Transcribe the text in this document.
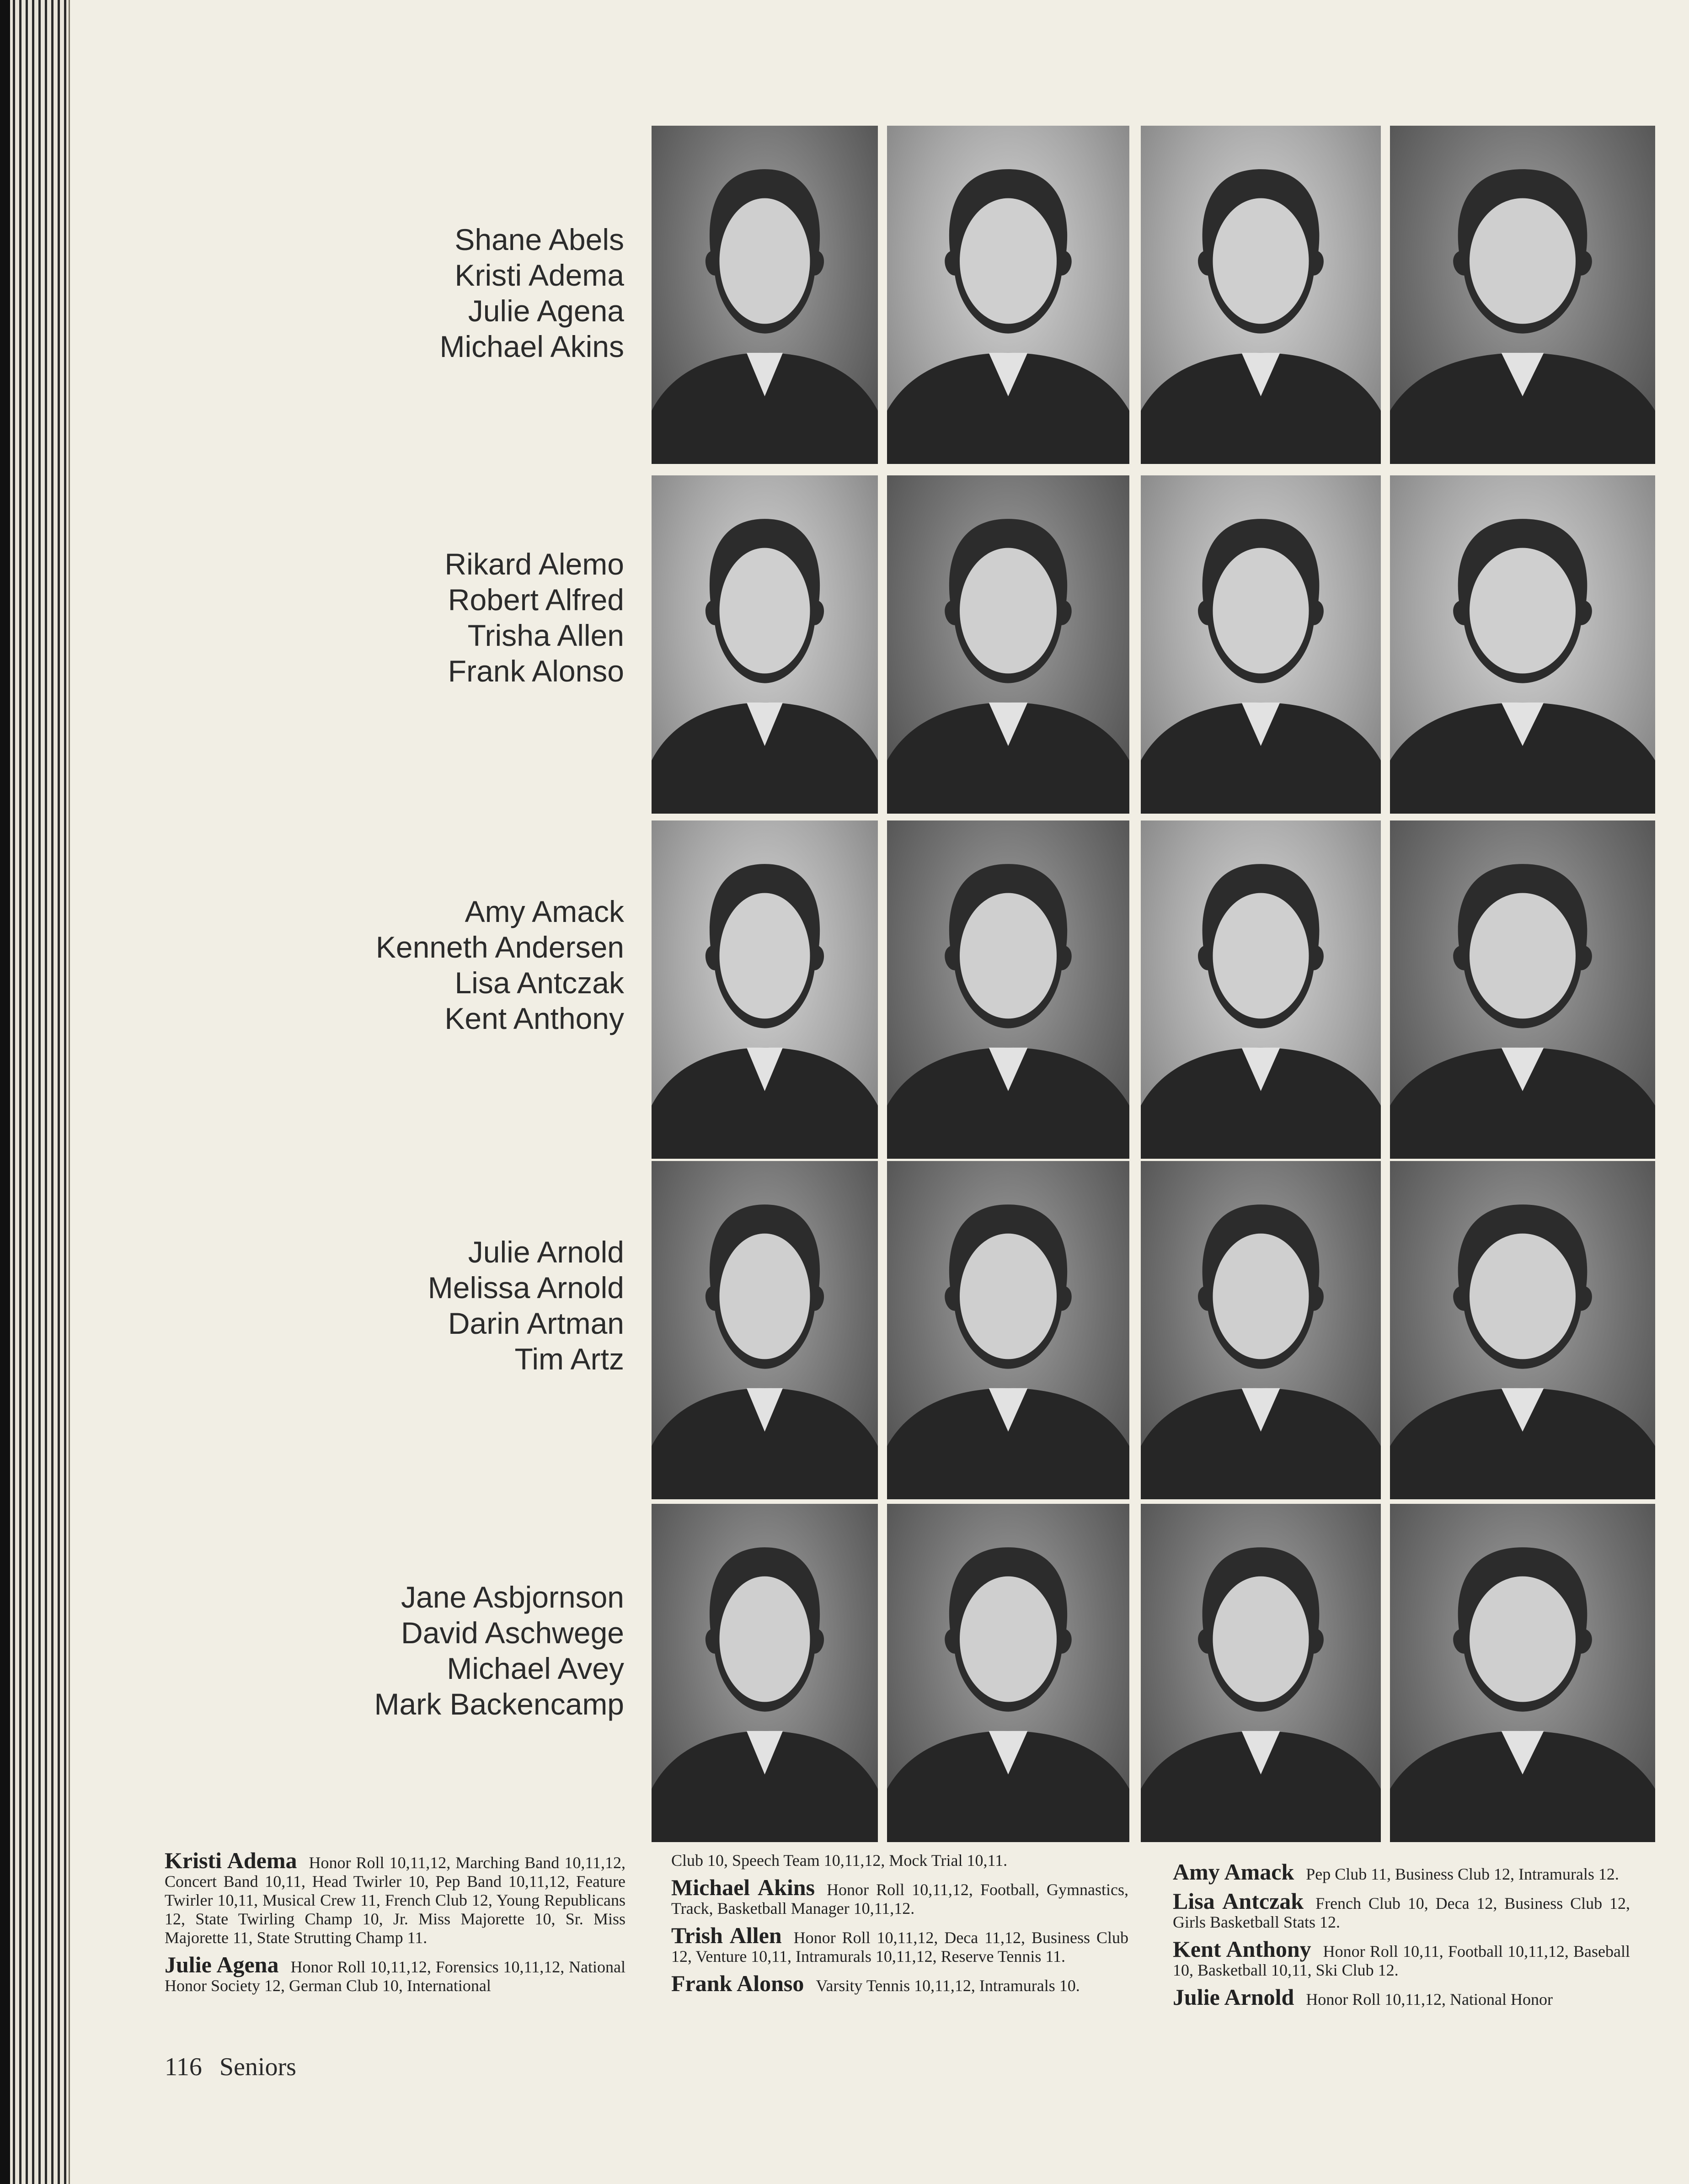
Shane Abels
Kristi Adema
Julie Agena
Michael Akins
Rikard Alemo
Robert Alfred
Trisha Allen
Frank Alonso
Amy Amack
Kenneth Andersen
Lisa Antczak
Kent Anthony
Julie Arnold
Melissa Arnold
Darin Artman
Tim Artz
Jane Asbjornson
David Aschwege
Michael Avey
Mark Backencamp

Kristi Adema Honor Roll 10,11,12, Marching Band 10,11,12, Concert Band 10,11, Head Twirler 10, Pep Band 10,11,12, Feature Twirler 10,11, Musical Crew 11, French Club 12, Young Republicans 12, State Twirling Champ 10, Jr. Miss Majorette 10, Sr. Miss Majorette 11, State Strutting Champ 11.

Julie Agena Honor Roll 10,11,12, Forensics 10,11,12, National Honor Society 12, German Club 10, International

Club 10, Speech Team 10,11,12, Mock Trial 10,11.

Michael Akins Honor Roll 10,11,12, Football, Gymnastics, Track, Basketball Manager 10,11,12.

Trish Allen Honor Roll 10,11,12, Deca 11,12, Business Club 12, Venture 10,11, Intramurals 10,11,12, Reserve Tennis 11.

Frank Alonso Varsity Tennis 10,11,12, Intramurals 10.

Amy Amack Pep Club 11, Business Club 12, Intramurals 12.

Lisa Antczak French Club 10, Deca 12, Business Club 12, Girls Basketball Stats 12.

Kent Anthony Honor Roll 10,11, Football 10,11,12, Baseball 10, Basketball 10,11, Ski Club 12.

Julie Arnold Honor Roll 10,11,12, National Honor

116 Seniors
